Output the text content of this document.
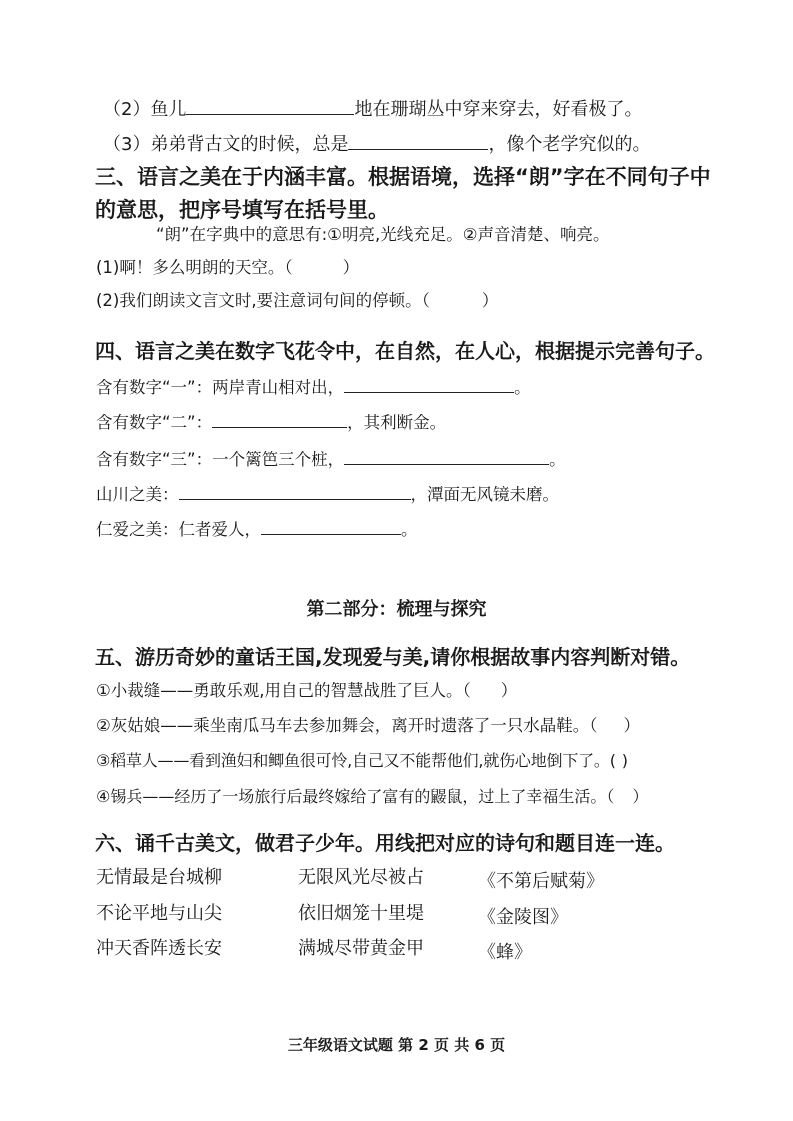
（2）鱼儿	地在珊瑚丛中穿来穿去，好看极了。
（3）弟弟背古文的时候，总是	，像个老学究似的。
三、语言之美在于内涵丰富。根据语境，选择“朗”字在不同句子中
的意思，把序号填写在括号里。
“朗”在字典中的意思有:①明亮,光线充足。②声音清楚、响亮。
(1)啊！多么明朗的天空。（	）
(2)我们朗读文言文时,要注意词句间的停顿。（	）
四、语言之美在数字飞花令中，在自然，在人心，根据提示完善句子。
含有数字“一”：两岸青山相对出，	。
含有数字“二”：	，其利断金。
含有数字“三”：一个篱笆三个桩，	。
山川之美：	，潭面无风镜未磨。
仁爱之美：仁者爱人，	。
第二部分：梳理与探究
五、游历奇妙的童话王国,发现爱与美,请你根据故事内容判断对错。
①小裁缝——勇敢乐观,用自己的智慧战胜了巨人。（ ）
②灰姑娘——乘坐南瓜马车去参加舞会，离开时遗落了一只水晶鞋。（ ）
③稻草人——看到渔妇和鲫鱼很可怜,自己又不能帮他们,就伤心地倒下了。( )
④锡兵——经历了一场旅行后最终嫁给了富有的鼹鼠，过上了幸福生活。（ ）
六、诵千古美文，做君子少年。用线把对应的诗句和题目连一连。
无情最是台城柳
不论平地与山尖
冲天香阵透长安
无限风光尽被占
依旧烟笼十里堤
满城尽带黄金甲
《不第后赋菊》
《金陵图》
《蜂》
三年级语文试题 第 2 页 共 6 页
